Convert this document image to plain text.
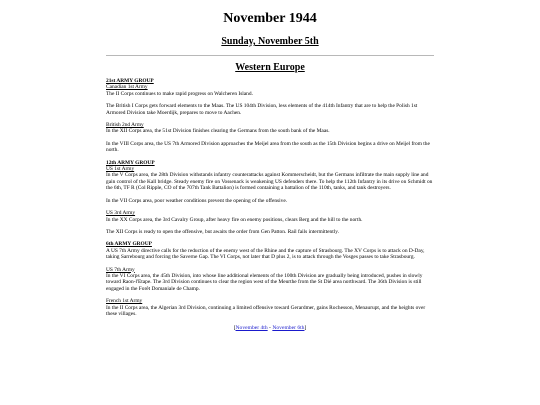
November 1944
Sunday, November 5th
Western Europe
21st ARMY GROUP
Canadian 1st Army

The II Corps continues to make rapid progress on Walcheren Island.

The British I Corps gets forward elements to the Maas. The US 104th Division, less elements of the 414th Infantry that are to help the Polish 1st Armored Division take Moerdijk, prepares to move to Aachen.

British 2nd Army

In the XII Corps area, the 51st Division finishes clearing the Germans from the south bank of the Maas.

In the VIII Corps area, the US 7th Armored Division approaches the Meijel area from the south as the 15th Division begins a drive on Meijel from the north.

12th ARMY GROUP
US 1st Army

In the V Corps area, the 28th Division withstands infantry counterattacks against Kommerscheidt, but the Germans infiltrate the main supply line and gain control of the Kall bridge. Steady enemy fire on Vossenack is weakening US defenders there. To help the 112th Infantry in its drive on Schmidt on the 6th, TF R (Col Ripple, CO of the 707th Tank Battalion) is formed containing a battalion of the 110th, tanks, and tank destroyers.

In the VII Corps area, poor weather conditions prevent the opening of the offensive.

US 3rd Army

In the XX Corps area, the 3rd Cavalry Group, after heavy fire on enemy positions, clears Berg and the hill to the north.

The XII Corps is ready to open the offensive, but awaits the order from Gen Patton. Rail fails intermittently.

6th ARMY GROUP

A US 7th Army directive calls for the reduction of the enemy west of the Rhine and the capture of Strasbourg. The XV Corps is to attack on D-Day, taking Sarrebourg and forcing the Saverne Gap. The VI Corps, not later that D plus 2, is to attack through the Vosges passes to take Strasbourg.

US 7th Army

In the VI Corps area, the 45th Division, into whose line additional elements of the 100th Division are gradually being introduced, pushes in slowly toward Raon-l'Etape. The 3rd Division continues to clear the region west of the Meurthe from the St Dié area northward. The 36th Division is still engaged in the Forêt Domaniale de Champ.

French 1st Army

In the II Corps area, the Algerian 3rd Division, continuing a limited offensive toward Gerardmer, gains Rochesson, Menaurupt, and the heights over these villages.

[November 4th - November 6th]
